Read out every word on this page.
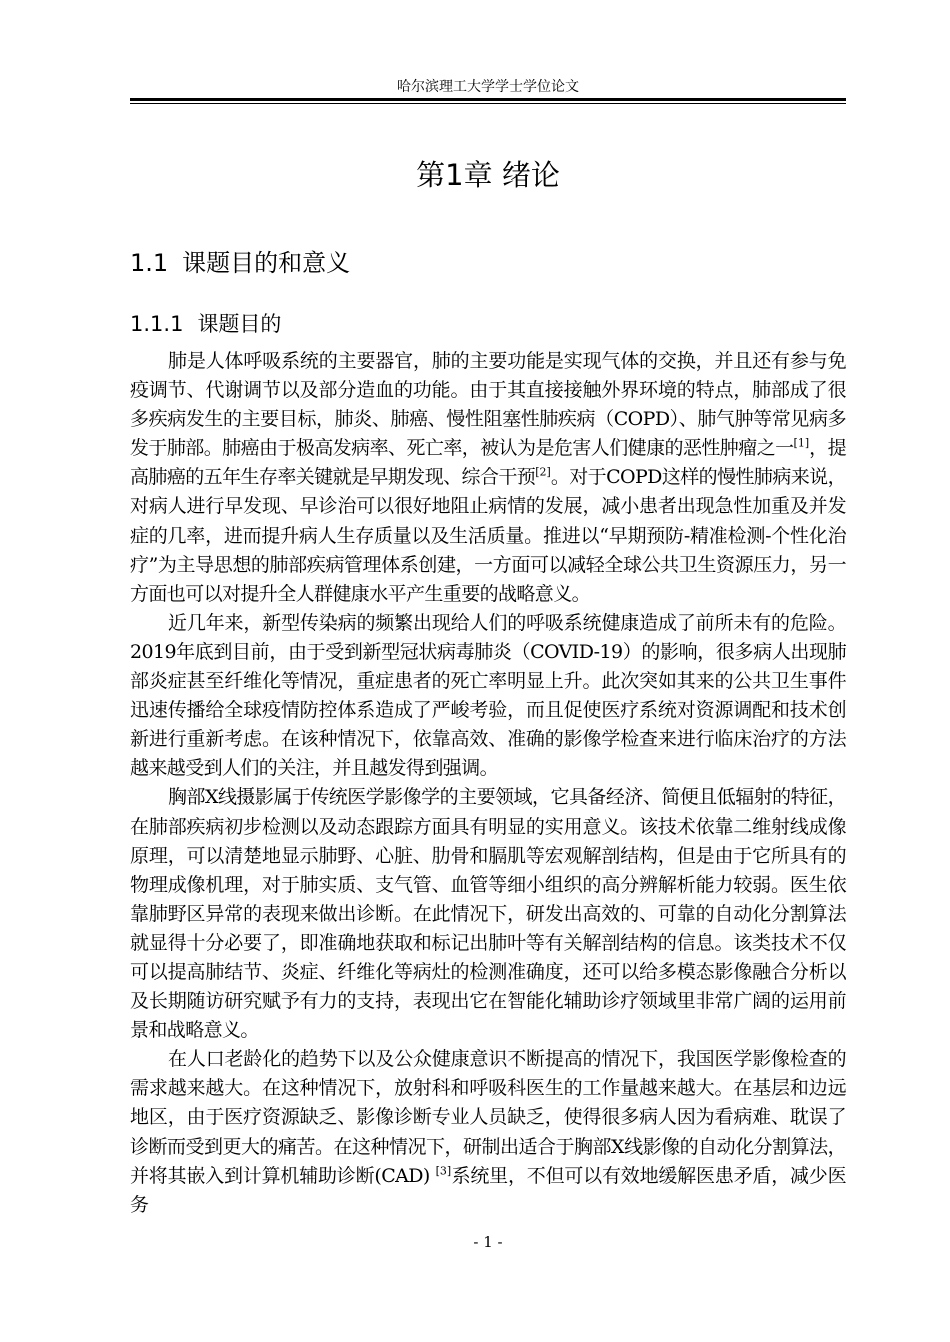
哈尔滨理工大学学士学位论文
第1章 绪论
1.1 课题目的和意义
1.1.1 课题目的

肺是人体呼吸系统的主要器官，肺的主要功能是实现气体的交换，并且还有参与免疫调节、代谢调节以及部分造血的功能。由于其直接接触外界环境的特点，肺部成了很多疾病发生的主要目标，肺炎、肺癌、慢性阻塞性肺疾病（COPD）、肺气肿等常见病多发于肺部。肺癌由于极高发病率、死亡率，被认为是危害人们健康的恶性肿瘤之一[1]，提高肺癌的五年生存率关键就是早期发现、综合干预[2]。对于COPD这样的慢性肺病来说，对病人进行早发现、早诊治可以很好地阻止病情的发展，减小患者出现急性加重及并发症的几率，进而提升病人生存质量以及生活质量。推进以“早期预防-精准检测-个性化治疗”为主导思想的肺部疾病管理体系创建，一方面可以减轻全球公共卫生资源压力，另一方面也可以对提升全人群健康水平产生重要的战略意义。

近几年来，新型传染病的频繁出现给人们的呼吸系统健康造成了前所未有的危险。2019年底到目前，由于受到新型冠状病毒肺炎（COVID-19）的影响，很多病人出现肺部炎症甚至纤维化等情况，重症患者的死亡率明显上升。此次突如其来的公共卫生事件迅速传播给全球疫情防控体系造成了严峻考验，而且促使医疗系统对资源调配和技术创新进行重新考虑。在该种情况下，依靠高效、准确的影像学检查来进行临床治疗的方法越来越受到人们的关注，并且越发得到强调。

胸部X线摄影属于传统医学影像学的主要领域，它具备经济、简便且低辐射的特征，在肺部疾病初步检测以及动态跟踪方面具有明显的实用意义。该技术依靠二维射线成像原理，可以清楚地显示肺野、心脏、肋骨和膈肌等宏观解剖结构，但是由于它所具有的物理成像机理，对于肺实质、支气管、血管等细小组织的高分辨解析能力较弱。医生依靠肺野区异常的表现来做出诊断。在此情况下，研发出高效的、可靠的自动化分割算法就显得十分必要了，即准确地获取和标记出肺叶等有关解剖结构的信息。该类技术不仅可以提高肺结节、炎症、纤维化等病灶的检测准确度，还可以给多模态影像融合分析以及长期随访研究赋予有力的支持，表现出它在智能化辅助诊疗领域里非常广阔的运用前景和战略意义。

在人口老龄化的趋势下以及公众健康意识不断提高的情况下，我国医学影像检查的需求越来越大。在这种情况下，放射科和呼吸科医生的工作量越来越大。在基层和边远地区，由于医疗资源缺乏、影像诊断专业人员缺乏，使得很多病人因为看病难、耽误了诊断而受到更大的痛苦。在这种情况下，研制出适合于胸部X线影像的自动化分割算法，并将其嵌入到计算机辅助诊断(CAD) [3]系统里，不但可以有效地缓解医患矛盾，减少医务

- 1 -
